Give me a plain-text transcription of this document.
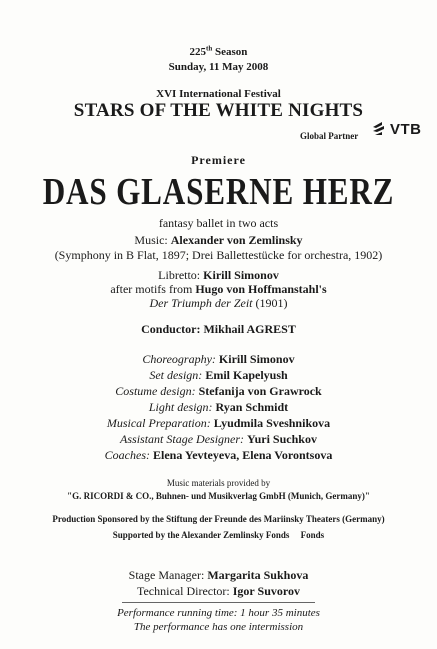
225th Season
Sunday, 11 May 2008
XVI International Festival
STARS OF THE WHITE NIGHTS
Global Partner VTB
Premiere
DAS GLASERNE HERZ
fantasy ballet in two acts
Music: Alexander von Zemlinsky
(Symphony in B Flat, 1897; Drei Ballettestücke for orchestra, 1902)
Libretto: Kirill Simonov
after motifs from Hugo von Hoffmanstahl's
Der Triumph der Zeit (1901)
Conductor: Mikhail AGREST
Choreography: Kirill Simonov
Set design: Emil Kapelyush
Costume design: Stefanija von Grawrock
Light design: Ryan Schmidt
Musical Preparation: Lyudmila Sveshnikova
Assistant Stage Designer: Yuri Suchkov
Coaches: Elena Yevteyeva, Elena Vorontsova
Music materials provided by
"G. RICORDI & CO., Buhnen- und Musikverlag GmbH (Munich, Germany)"
Production Sponsored by the Stiftung der Freunde des Mariinsky Theaters (Germany)
Supported by the Alexander Zemlinsky Fonds Fonds
Stage Manager: Margarita Sukhova
Technical Director: Igor Suvorov
Performance running time: 1 hour 35 minutes
The performance has one intermission
